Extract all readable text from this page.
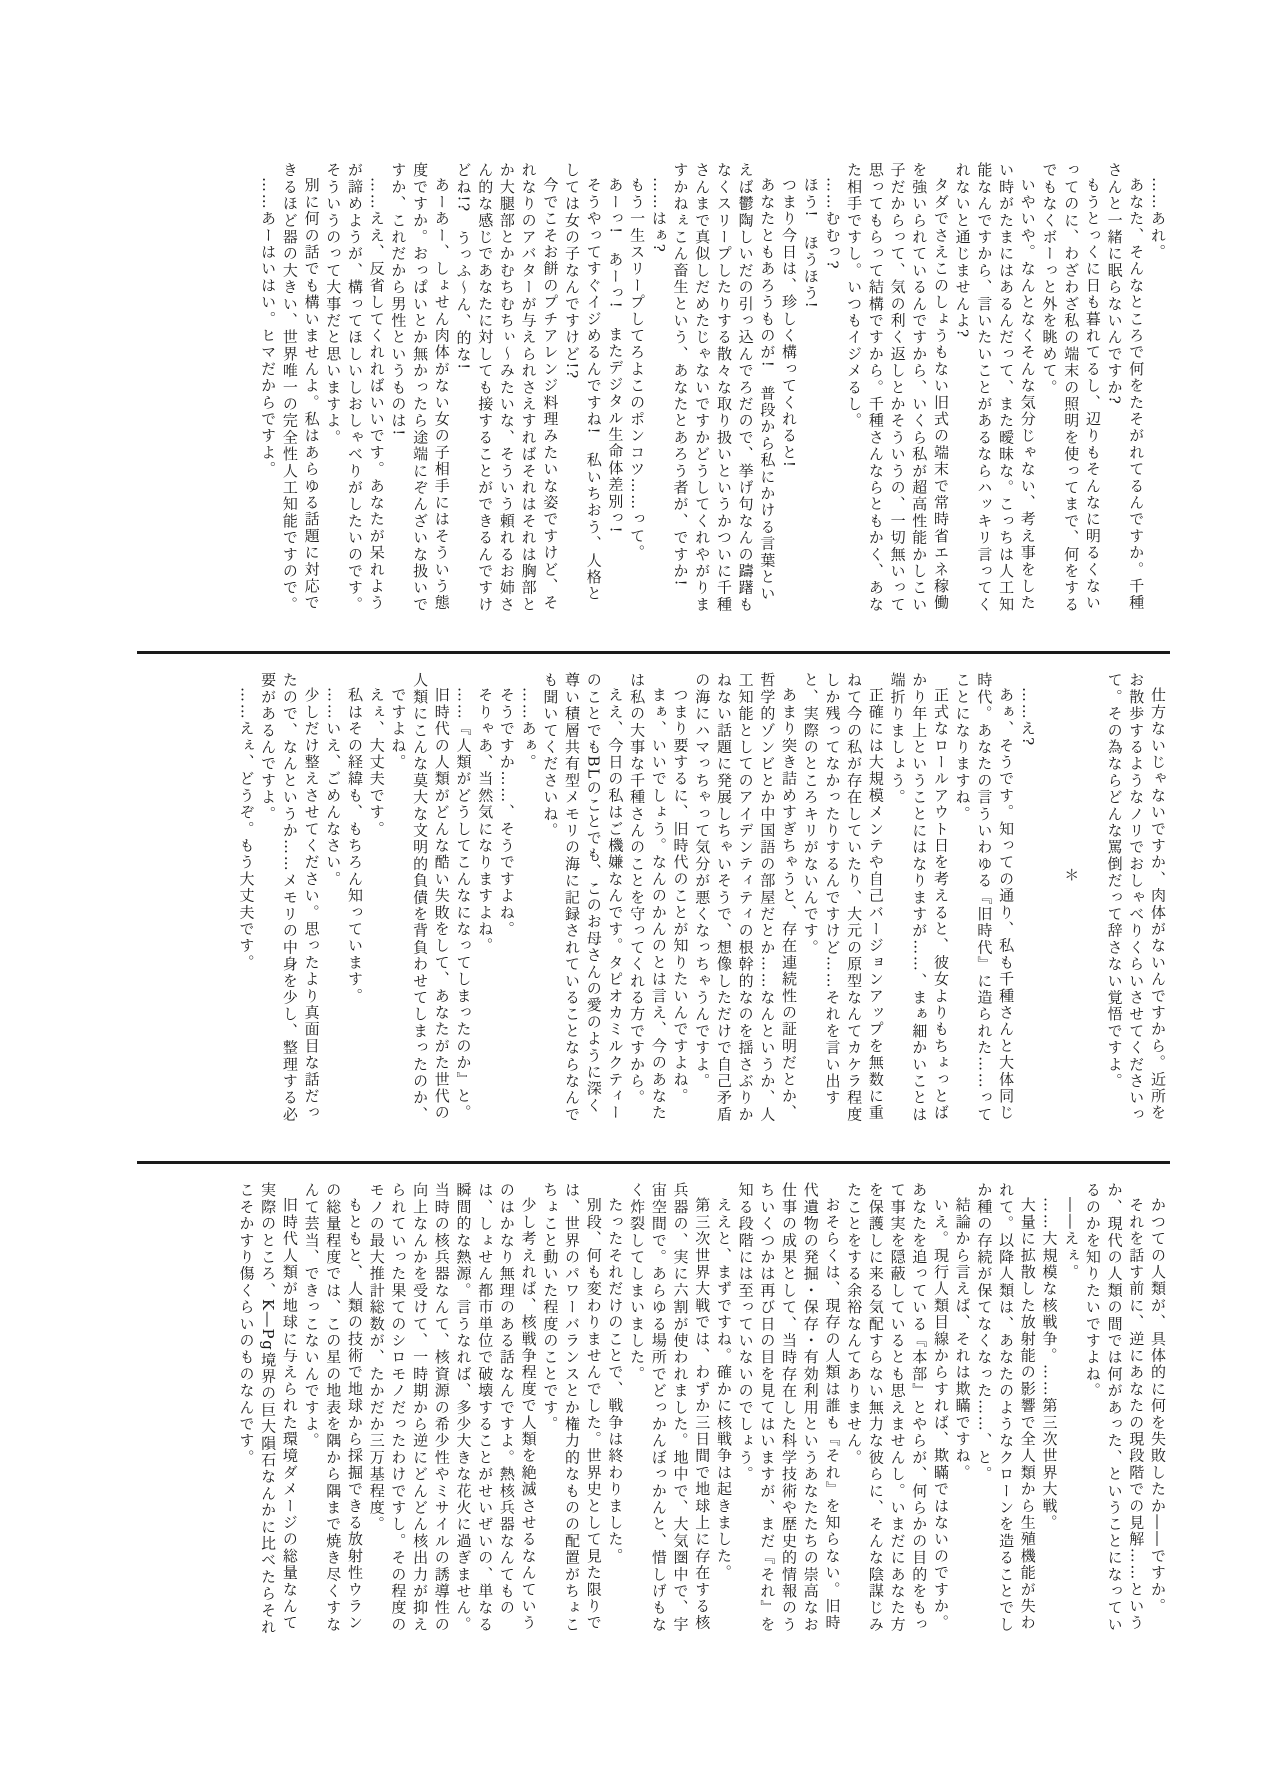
……あれ。

あなた、そんなところで何をたそがれてるんですか。千種さんと一緒に眠らないんですか?

もうとっくに日も暮れてるし、辺りもそんなに明るくないってのに、わざわざ私の端末の照明を使ってまで、何をするでもなくボーっと外を眺めて。

いやいや。なんとなくそんな気分じゃない、考え事をしたい時がたまにはあるんだって、また曖昧な。こっちは人工知能なんですから、言いたいことがあるならハッキリ言ってくれないと通じませんよ?

タダでさえこのしょうもない旧式の端末で常時省エネ稼働を強いられているんですから、いくら私が超高性能かしこい子だからって、気の利く返しとかそういうの、一切無いって思ってもらって結構ですから。千種さんならともかく、あなた相手ですし。いつもイジメるし。

……むむっ?

ほう!　ほうほう!

つまり今日は、珍しく構ってくれると!

あなたともあろうものが!　普段から私にかける言葉といえば鬱陶しいだの引っ込んでろだので、挙げ句なんの躊躇もなくスリープしたりする散々な取り扱いというかついに千種さんまで真似しだめたじゃないですかどうしてくれやがりますかねぇこん畜生という、あなたとあろう者が、ですか!

……はぁ?

もう一生スリープしてろよこのポンコツ……って。

あーっ!　あーっ!　またデジタル生命体差別っ!

そうやってすぐイジめるんですね!　私いちおう、人格としては女の子なんですけど!?

今でこそお餅のプチアレンジ料理みたいな姿ですけど、それなりのアバターが与えられさえすればそれはそれは胸部とか大腿部とかむちむちぃ〜みたいな、そういう頼れるお姉さん的な感じであなたに対しても接することができるんですけどね!?　うっふ〜ん、的な!

あーあー、しょせん肉体がない女の子相手にはそういう態度ですか。おっぱいとか無かったら途端にぞんざいな扱いですか、これだから男性というものは!

……ええ、反省してくれればいいです。あなたが呆れようが諦めようが、構ってほしいしおしゃべりがしたいのです。そういうのって大事だと思いますよ。

別に何の話でも構いませんよ。私はあらゆる話題に対応できるほど器の大きい、世界唯一の完全性人工知能ですので。

……あーはいはい。ヒマだからですよ。

仕方ないじゃないですか、肉体がないんですから。近所をお散歩するようなノリでおしゃべりくらいさせてくださいって。その為ならどんな罵倒だって辞さない覚悟ですよ。

＊

……え?

あぁ、そうです。知っての通り、私も千種さんと大体同じ時代。あなたの言ういわゆる『旧時代』に造られた……ってことになりますね。

正式なロールアウト日を考えると、彼女よりもちょっとばかり年上ということにはなりますが……、まぁ細かいことは端折りましょう。

正確には大規模メンテや自己バージョンアップを無数に重ねて今の私が存在していたり、大元の原型なんてカケラ程度しか残ってなかったりするんですけど……それを言い出すと、実際のところキリがないんです。

あまり突き詰めすぎちゃうと、存在連続性の証明だとか、哲学的ゾンビとか中国語の部屋だとか……なんというか、人工知能としてのアイデンティティの根幹的なのを揺さぶりかねない話題に発展しちゃいそうで、想像しただけで自己矛盾の海にハマっちゃって気分が悪くなっちゃうんですよ。

つまり要するに、旧時代のことが知りたいんですよね。

まぁ、いいでしょう。なんのかんのとは言え、今のあなたは私の大事な千種さんのことを守ってくれる方ですから。

ええ、今日の私はご機嫌なんです。タピオカミルクティーのことでもBLのことでも、このお母さんの愛のように深く尊い積層共有型メモリの海に記録されていることならなんでも聞いてくださいね。

……あぁ。

そうですか……、そうですよね。

そりゃあ、当然気になりますよね。

……『人類がどうしてこんなになってしまったのか』と。

旧時代の人類がどんな酷い失敗をして、あなたがた世代の人類にこんな莫大な文明的負債を背負わせてしまったのか、

ですよね。

えぇ、大丈夫です。

私はその経緯も、もちろん知っています。

……いえ、ごめんなさい。

少しだけ整えさせてください。思ったより真面目な話だったので、なんというか……メモリの中身を少し、整理する必要があるんですよ。

……えぇ、どうぞ。もう大丈夫です。

かつての人類が、具体的に何を失敗したか――ですか。

それを話す前に、逆にあなたの現段階での見解……というか、現代の人類の間では何があった、ということになっているのかを知りたいですよね。

――えぇ。

……大規模な核戦争。……第三次世界大戦。

大量に拡散した放射能の影響で全人類から生殖機能が失われて。以降人類は、あなたのようなクローンを造ることでしか種の存続が保てなくなった……、と。

結論から言えば、それは欺瞞ですね。

いえ。現行人類目線からすれば、欺瞞ではないのですか。あなたを追っている『本部』とやらが、何らかの目的をもって事実を隠蔽しているとも思えませんし。いまだにあなた方を保護しに来る気配すらない無力な彼らに、そんな陰謀じみたことをする余裕なんてありません。

おそらくは、現存の人類は誰も『それ』を知らない。旧時代遺物の発掘・保存・有効利用というあなたたちの崇高なお仕事の成果として、当時存在した科学技術や歴史的情報のうちいくつかは再び日の目を見てはいますが、まだ『それ』を知る段階には至っていないのでしょう。

ええと、まずですね。確かに核戦争は起きました。

第三次世界大戦では、わずか三日間で地球上に存在する核兵器の、実に六割が使われました。地中で、大気圏中で、宇宙空間で。あらゆる場所でどっかんぼっかんと、惜しげもなく炸裂してしまいました。

たったそれだけのことで、戦争は終わりました。

別段、何も変わりませんでした。世界史として見た限りでは、世界のパワーバランスとか権力的なものの配置がちょこちょこと動いた程度のことです。

少し考えれば、核戦争程度で人類を絶滅させるなんていうのはかなり無理のある話なんですよ。熱核兵器なんてものは、しょせん都市単位で破壊することがせいぜいの、単なる瞬間的な熱源。言うなれば、多少大きな花火に過ぎません。当時の核兵器なんて、核資源の希少性やミサイルの誘導性の向上なんかを受けて、一時期から逆にどんどん核出力が抑えられていった果てのシロモノだったわけですし。その程度のモノの最大推計総数が、たかだか三万基程度。

もともと、人類の技術で地球から採掘できる放射性ウランの総量程度では、この星の地表を隅から隅まで焼き尽くすなんて芸当、できっこないんですよ。

旧時代人類が地球に与えられた環境ダメージの総量なんて実際のところ、K―Pg境界の巨大隕石なんかに比べたらそれこそかすり傷くらいのものなんです。
